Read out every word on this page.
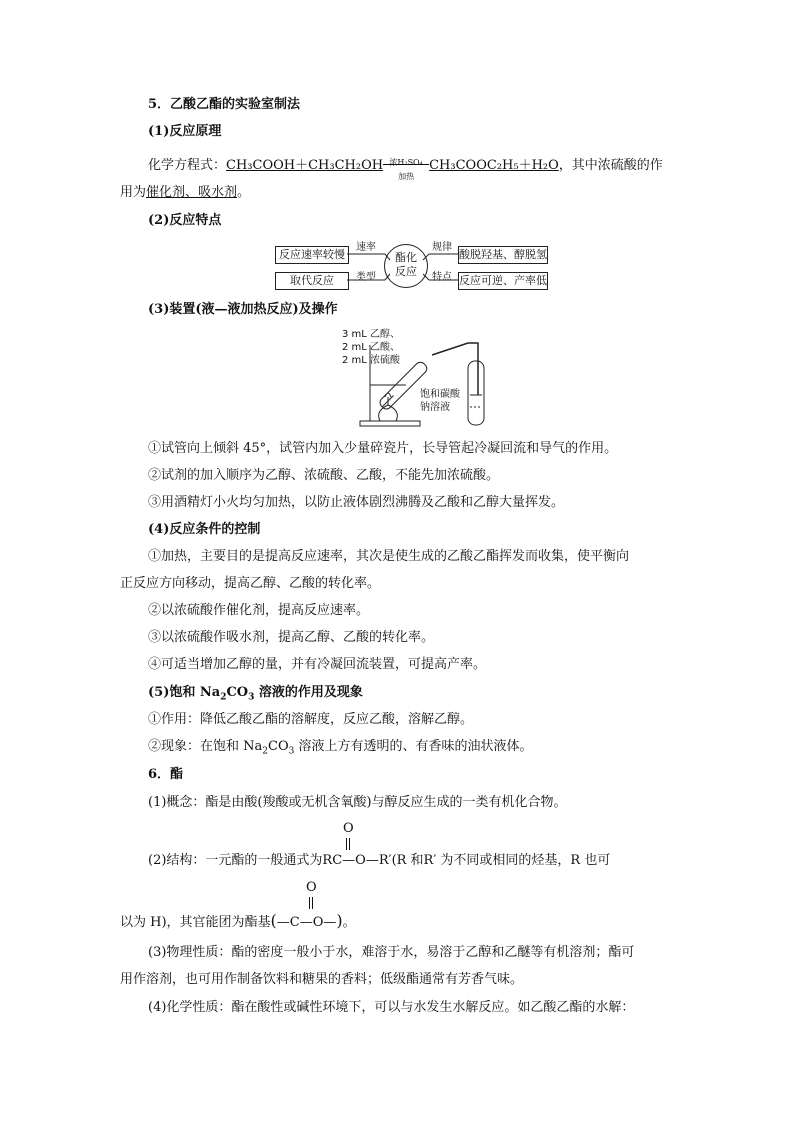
5．乙酸乙酯的实验室制法
(1)反应原理
化学方程式：CH₃COOH＋CH₃CH₂OH 浓H₂SO₄
加热
CH₃COOC₂H₅＋H₂O，其中浓硫酸的作
用为催化剂、吸水剂。
(2)反应特点
反应速率较慢
取代反应
酸脱羟基、醇脱氢
反应可逆、产率低
酯化
反应
速率
类型
规律
特点
(3)装置(液—液加热反应)及操作
3 mL 乙醇、
2 mL 乙酸、
2 mL 浓硫酸
饱和碳酸
钠溶液
①试管向上倾斜 45°，试管内加入少量碎瓷片，长导管起冷凝回流和导气的作用。
②试剂的加入顺序为乙醇、浓硫酸、乙酸，不能先加浓硫酸。
③用酒精灯小火均匀加热，以防止液体剧烈沸腾及乙酸和乙醇大量挥发。
(4)反应条件的控制
①加热，主要目的是提高反应速率，其次是使生成的乙酸乙酯挥发而收集，使平衡向
正反应方向移动，提高乙醇、乙酸的转化率。
②以浓硫酸作催化剂，提高反应速率。
③以浓硫酸作吸水剂，提高乙醇、乙酸的转化率。
④可适当增加乙醇的量，并有冷凝回流装置，可提高产率。
(5)饱和 $Na_2CO_3$ 溶液的作用及现象
①作用：降低乙酸乙酯的溶解度，反应乙酸，溶解乙醇。
②现象：在饱和 $Na_2CO_3$ 溶液上方有透明的、有香味的油状液体。
6．酯
(1)概念：酯是由酸(羧酸或无机含氧酸)与醇反应生成的一类有机化合物。
O
(2)结构：一元酯的一般通式为RC—O—R′(R 和R′ 为不同或相同的烃基，R 也可
O
以为 H)，其官能团为酯基(—C—O—)。
(3)物理性质：酯的密度一般小于水，难溶于水，易溶于乙醇和乙醚等有机溶剂；酯可
用作溶剂，也可用作制备饮料和糖果的香料；低级酯通常有芳香气味。
(4)化学性质：酯在酸性或碱性环境下，可以与水发生水解反应。如乙酸乙酯的水解：
